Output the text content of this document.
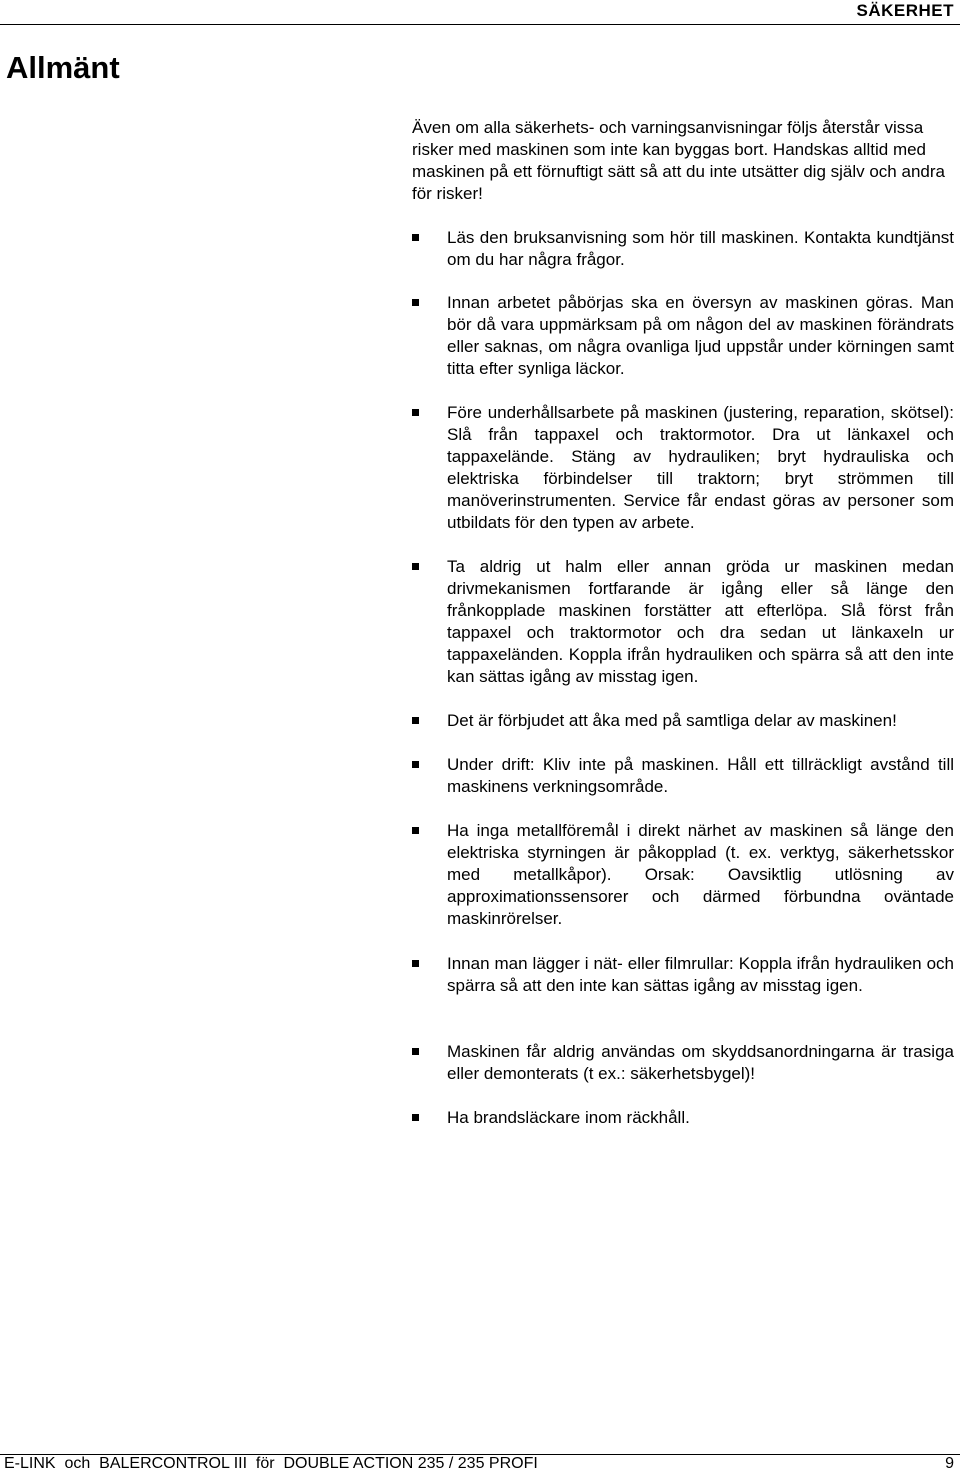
SÄKERHET
Allmänt

Även om alla säkerhets- och varningsanvisningar följs återstår vissa risker med maskinen som inte kan byggas bort. Handskas alltid med maskinen på ett förnuftigt sätt så att du inte utsätter dig själv och andra för risker!

Läs den bruksanvisning som hör till maskinen. Kontakta kundtjänst om du har några frågor.
Innan arbetet påbörjas ska en översyn av maskinen göras. Man bör då vara uppmärksam på om någon del av maskinen förändrats eller saknas, om några ovanliga ljud uppstår under körningen samt titta efter synliga läckor.
Före underhållsarbete på maskinen (justering, reparation, skötsel): Slå från tappaxel och traktormotor. Dra ut länkaxel och tappaxelände. Stäng av hydrauliken; bryt hydrauliska och elektriska förbindelser till traktorn; bryt strömmen till manöverinstrumenten. Service får endast göras av personer som utbildats för den typen av arbete.
Ta aldrig ut halm eller annan gröda ur maskinen medan drivmekanismen fortfarande är igång eller så länge den frånkopplade maskinen forstätter att efterlöpa. Slå först från tappaxel och traktormotor och dra sedan ut länkaxeln ur tappaxeländen. Koppla ifrån hydrauliken och spärra så att den inte kan sättas igång av misstag igen.
Det är förbjudet att åka med på samtliga delar av maskinen!
Under drift: Kliv inte på maskinen. Håll ett tillräckligt avstånd till maskinens verkningsområde.
Ha inga metallföremål i direkt närhet av maskinen så länge den elektriska styrningen är påkopplad (t. ex. verktyg, säkerhetsskor med metallkåpor). Orsak: Oavsiktlig utlösning av approximationssensorer och därmed förbundna oväntade maskinrörelser.
Innan man lägger i nät- eller filmrullar: Koppla ifrån hydrauliken och spärra så att den inte kan sättas igång av misstag igen.
Maskinen får aldrig användas om skyddsanordningarna är trasiga eller demonterats (t ex.: säkerhetsbygel)!
Ha brandsläckare inom räckhåll.
E-LINK  och  BALERCONTROL III  för  DOUBLE ACTION 235 / 235 PROFI	9
